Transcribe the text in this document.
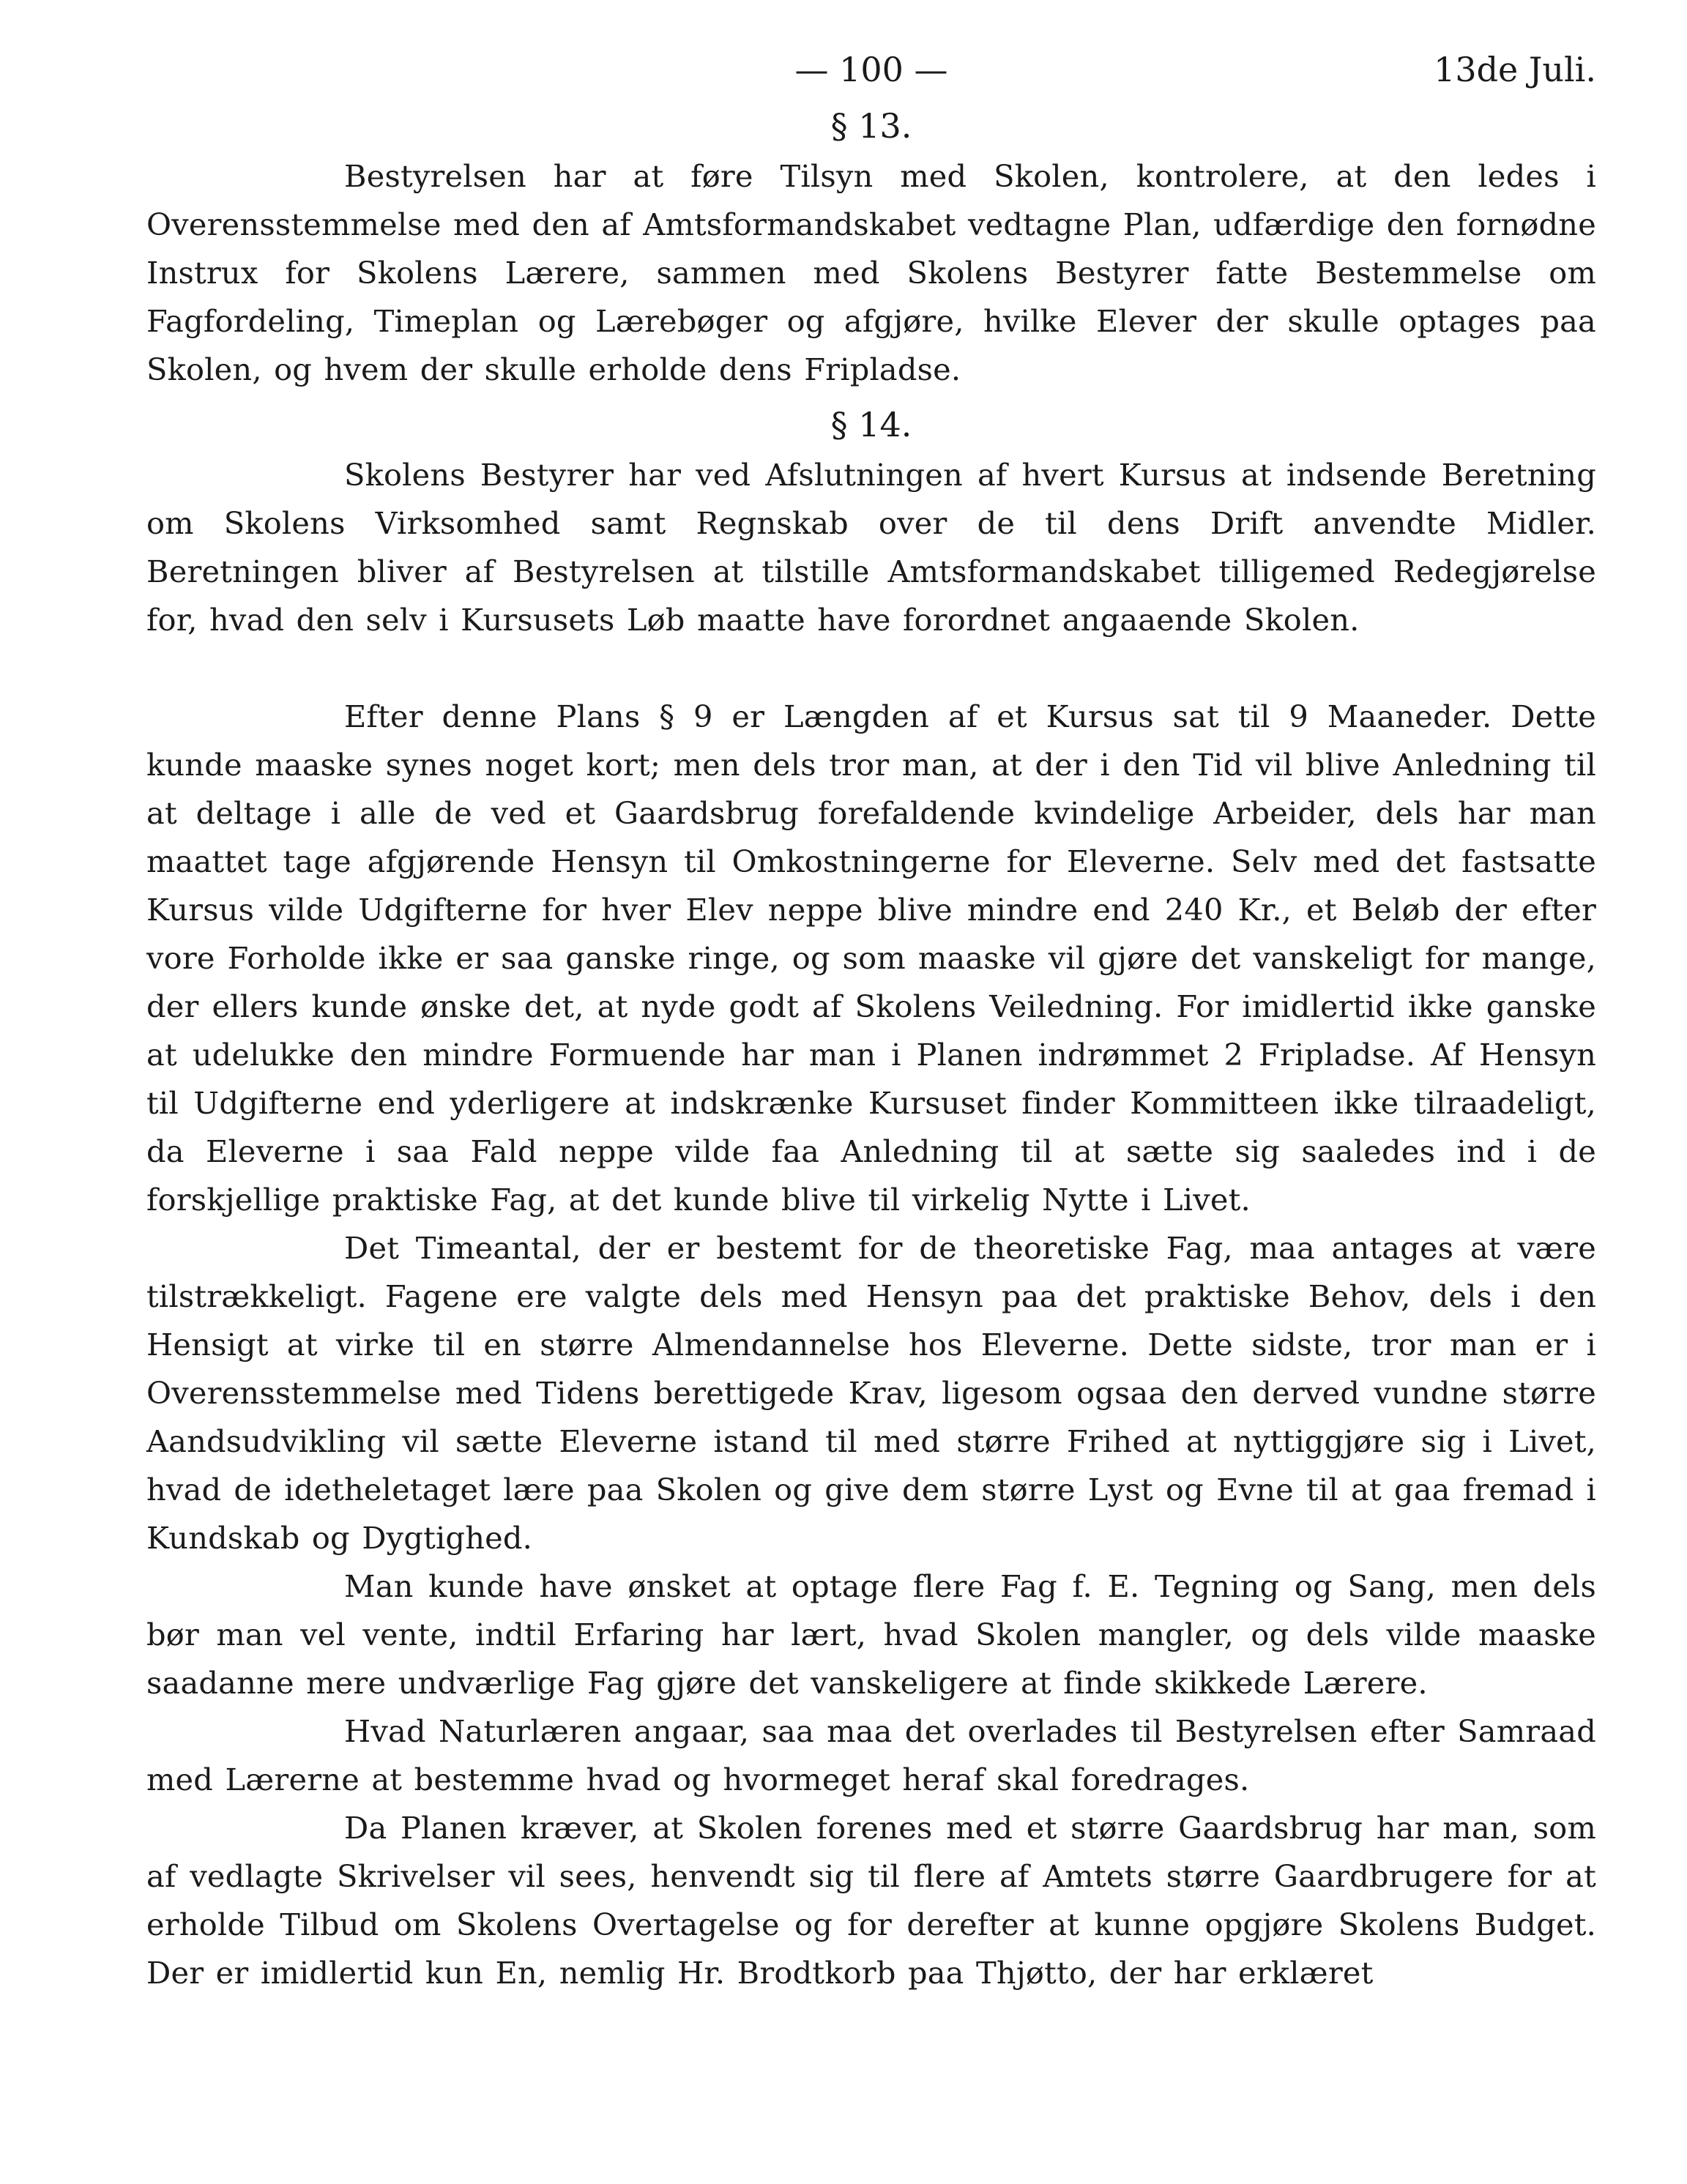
— 100 —	13de Juli.
§ 13.

Bestyrelsen har at føre Tilsyn med Skolen, kontrolere, at den ledes i Overensstemmelse med den af Amtsformandskabet vedtagne Plan, udfærdige den fornødne Instrux for Skolens Lærere, sammen med Skolens Bestyrer fatte Bestemmelse om Fagfordeling, Timeplan og Lærebøger og afgjøre, hvilke Elever der skulle optages paa Skolen, og hvem der skulle erholde dens Fripladse.

§ 14.

Skolens Bestyrer har ved Afslutningen af hvert Kursus at indsende Beretning om Skolens Virksomhed samt Regnskab over de til dens Drift anvendte Midler. Beretningen bliver af Bestyrelsen at tilstille Amtsformandskabet tilligemed Redegjørelse for, hvad den selv i Kursusets Løb maatte have forordnet angaaende Skolen.

Efter denne Plans § 9 er Længden af et Kursus sat til 9 Maaneder. Dette kunde maaske synes noget kort; men dels tror man, at der i den Tid vil blive Anledning til at deltage i alle de ved et Gaardsbrug forefaldende kvindelige Arbeider, dels har man maattet tage afgjørende Hensyn til Omkostningerne for Eleverne. Selv med det fastsatte Kursus vilde Udgifterne for hver Elev neppe blive mindre end 240 Kr., et Beløb der efter vore Forholde ikke er saa ganske ringe, og som maaske vil gjøre det vanskeligt for mange, der ellers kunde ønske det, at nyde godt af Skolens Veiledning. For imidlertid ikke ganske at udelukke den mindre Formuende har man i Planen indrømmet 2 Fripladse. Af Hensyn til Udgifterne end yderligere at indskrænke Kursuset finder Kommitteen ikke tilraadeligt, da Eleverne i saa Fald neppe vilde faa Anledning til at sætte sig saaledes ind i de forskjellige praktiske Fag, at det kunde blive til virkelig Nytte i Livet.

Det Timeantal, der er bestemt for de theoretiske Fag, maa antages at være tilstrækkeligt. Fagene ere valgte dels med Hensyn paa det praktiske Behov, dels i den Hensigt at virke til en større Almendannelse hos Eleverne. Dette sidste, tror man er i Overensstemmelse med Tidens berettigede Krav, ligesom ogsaa den derved vundne større Aandsudvikling vil sætte Eleverne istand til med større Frihed at nyttiggjøre sig i Livet, hvad de idetheletaget lære paa Skolen og give dem større Lyst og Evne til at gaa fremad i Kundskab og Dygtighed.

Man kunde have ønsket at optage flere Fag f. E. Tegning og Sang, men dels bør man vel vente, indtil Erfaring har lært, hvad Skolen mangler, og dels vilde maaske saadanne mere undværlige Fag gjøre det vanskeligere at finde skikkede Lærere.

Hvad Naturlæren angaar, saa maa det overlades til Bestyrelsen efter Samraad med Lærerne at bestemme hvad og hvormeget heraf skal foredrages.

Da Planen kræver, at Skolen forenes med et større Gaardsbrug har man, som af vedlagte Skrivelser vil sees, henvendt sig til flere af Amtets større Gaardbrugere for at erholde Tilbud om Skolens Overtagelse og for derefter at kunne opgjøre Skolens Budget. Der er imidlertid kun En, nemlig Hr. Brodtkorb paa Thjøtto, der har erklæret
